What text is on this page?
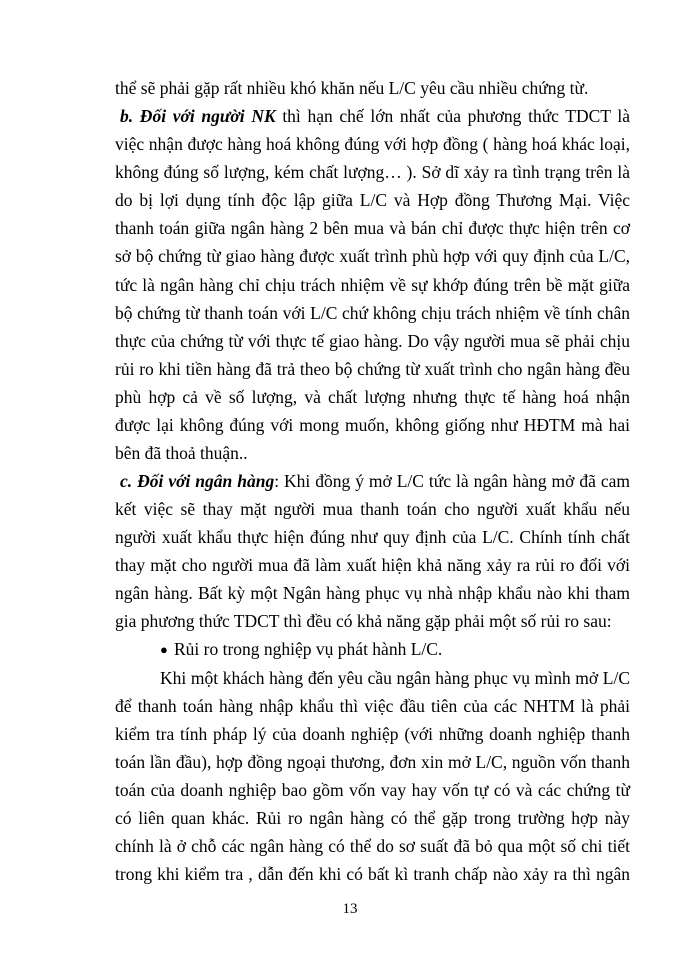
thể sẽ phải gặp rất nhiều khó khăn nếu L/C yêu cầu nhiều chứng từ.
b. Đối với người NK thì hạn chế lớn nhất của phương thức TDCT là
việc nhận được hàng hoá không đúng với hợp đồng ( hàng hoá khác loại,
không đúng số lượng, kém chất lượng… ). Sở dĩ xảy ra tình trạng trên là
do bị lợi dụng tính độc lập giữa L/C và Hợp đồng Thương Mại. Việc
thanh toán giữa ngân hàng 2 bên mua và bán chỉ được thực hiện trên cơ
sở bộ chứng từ giao hàng được xuất trình phù hợp với quy định của L/C,
tức là ngân hàng chỉ chịu trách nhiệm về sự khớp đúng trên bề mặt giữa
bộ chứng từ thanh toán với L/C chứ không chịu trách nhiệm về tính chân
thực của chứng từ với thực tế giao hàng. Do vậy người mua sẽ phải chịu
rủi ro khi tiền hàng đã trả theo bộ chứng từ xuất trình cho ngân hàng đều
phù hợp cả về số lượng, và chất lượng nhưng thực tế hàng hoá nhận
được lại không đúng với mong muốn, không giống như HĐTM mà hai
bên đã thoả thuận..
c. Đối với ngân hàng: Khi đồng ý mở L/C tức là ngân hàng mở đã cam
kết việc sẽ thay mặt người mua thanh toán cho người xuất khẩu nếu
người xuất khẩu thực hiện đúng như quy định của L/C. Chính tính chất
thay mặt cho người mua đã làm xuất hiện khả năng xảy ra rủi ro đối với
ngân hàng. Bất kỳ một Ngân hàng phục vụ nhà nhập khẩu nào khi tham
gia phương thức TDCT thì đều có khả năng gặp phải một số rủi ro sau:
● Rủi ro trong nghiệp vụ phát hành L/C.
Khi một khách hàng đến yêu cầu ngân hàng phục vụ mình mở L/C
để thanh toán hàng nhập khẩu thì việc đầu tiên của các NHTM là phải
kiểm tra tính pháp lý của doanh nghiệp (với những doanh nghiệp thanh
toán lần đầu), hợp đồng ngoại thương, đơn xin mở L/C, nguồn vốn thanh
toán của doanh nghiệp bao gồm vốn vay hay vốn tự có và các chứng từ
có liên quan khác. Rủi ro ngân hàng có thể gặp trong trường hợp này
chính là ở chỗ các ngân hàng có thể do sơ suất đã bỏ qua một số chi tiết
trong khi kiểm tra , dẫn đến khi có bất kì tranh chấp nào xảy ra thì ngân
13
